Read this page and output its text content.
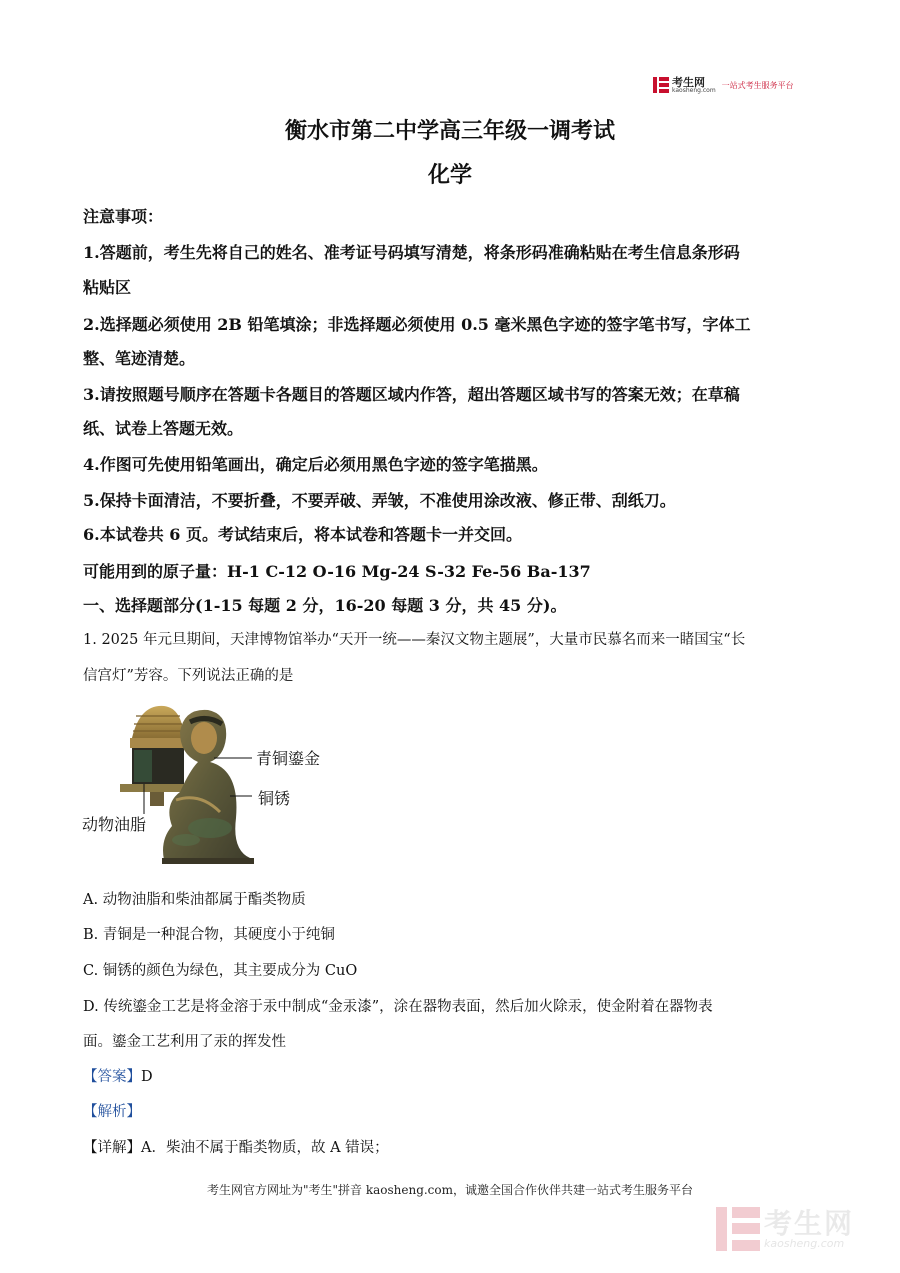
考生网
kaosheng.com
一站式考生服务平台
衡水市第二中学高三年级一调考试
化学
注意事项：
1.答题前，考生先将自己的姓名、准考证号码填写清楚，将条形码准确粘贴在考生信息条形码
粘贴区
2.选择题必须使用 2B 铅笔填涂；非选择题必须使用 0.5 毫米黑色字迹的签字笔书写，字体工
整、笔迹清楚。
3.请按照题号顺序在答题卡各题目的答题区域内作答，超出答题区域书写的答案无效；在草稿
纸、试卷上答题无效。
4.作图可先使用铅笔画出，确定后必须用黑色字迹的签字笔描黑。
5.保持卡面清洁，不要折叠，不要弄破、弄皱，不准使用涂改液、修正带、刮纸刀。
6.本试卷共 6 页。考试结束后，将本试卷和答题卡一并交回。
可能用到的原子量：H-1 C-12 O-16 Mg-24 S-32 Fe-56 Ba-137
一、选择题部分(1-15 每题 2 分，16-20 每题 3 分，共 45 分)。
1. 2025 年元旦期间，天津博物馆举办“天开一统——秦汉文物主题展”，大量市民慕名而来一睹国宝“长
信宫灯”芳容。下列说法正确的是
青铜鎏金
铜锈
动物油脂
A. 动物油脂和柴油都属于酯类物质
B. 青铜是一种混合物，其硬度小于纯铜
C. 铜锈的颜色为绿色，其主要成分为 CuO
D. 传统鎏金工艺是将金溶于汞中制成“金汞漆”，涂在器物表面，然后加火除汞，使金附着在器物表
面。鎏金工艺利用了汞的挥发性
【答案】D
【解析】
【详解】A．柴油不属于酯类物质，故 A 错误；
考生网官方网址为"考生"拼音 kaosheng.com，诚邀全国合作伙伴共建一站式考生服务平台
考生网
kaosheng.com
